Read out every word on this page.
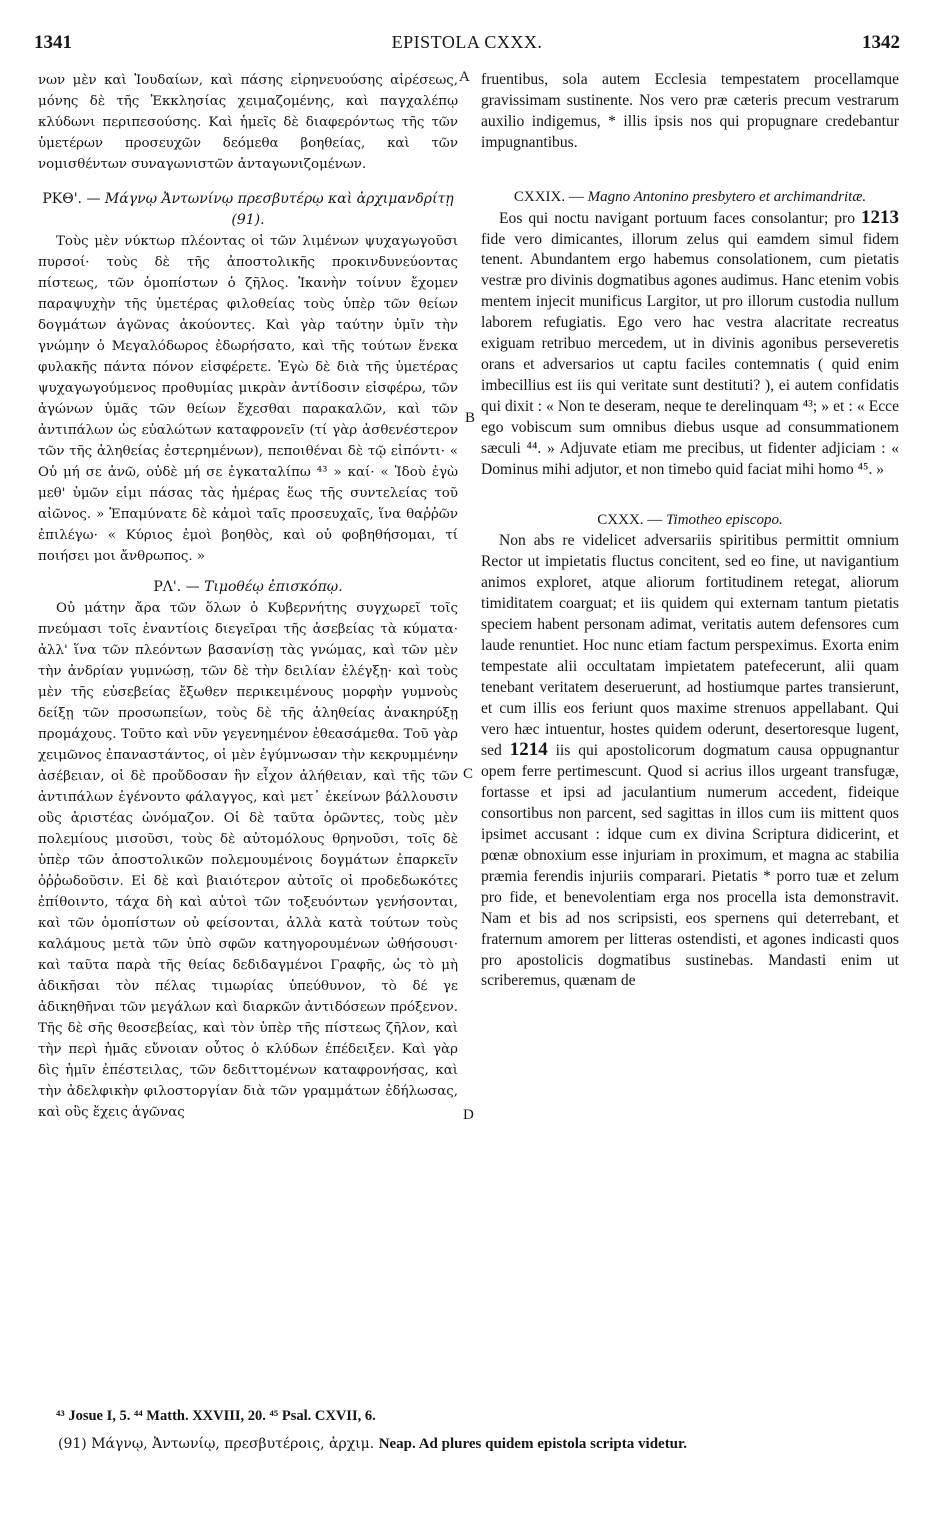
1341	EPISTOLA CXXX.	1342
A
B
C
D

νων μὲν καὶ Ἰουδαίων, καὶ πάσης εἰρηνευούσης αἱρέσεως, μόνης δὲ τῆς Ἐκκλησίας χειμαζομένης, καὶ παγχαλέπῳ κλύδωνι περιπεσούσης. Καὶ ἡμεῖς δὲ διαφερόντως τῆς τῶν ὑμετέρων προσευχῶν δεόμεθα βοηθείας, καὶ τῶν νομισθέντων συναγωνιστῶν ἀνταγωνιζομένων.

ΡΚΘ'. — Μάγνῳ Ἀντωνίνῳ πρεσβυτέρῳ καὶ ἀρχιμανδρίτῃ (91).

Τοὺς μὲν νύκτωρ πλέοντας οἱ τῶν λιμένων ψυχαγωγοῦσι πυρσοί· τοὺς δὲ τῆς ἀποστολικῆς προκινδυνεύοντας πίστεως, τῶν ὁμοπίστων ὁ ζῆλος. Ἱκανὴν τοίνυν ἔχομεν παραψυχὴν τῆς ὑμετέρας φιλοθείας τοὺς ὑπὲρ τῶν θείων δογμάτων ἀγῶνας ἀκούοντες. Καὶ γὰρ ταύτην ὑμῖν τὴν γνώμην ὁ Μεγαλόδωρος ἐδωρήσατο, καὶ τῆς τούτων ἕνεκα φυλακῆς πάντα πόνον εἰσφέρετε. Ἐγὼ δὲ διὰ τῆς ὑμετέρας ψυχαγωγούμενος προθυμίας μικρὰν ἀντίδοσιν εἰσφέρω, τῶν ἀγώνων ὑμᾶς τῶν θείων ἔχεσθαι παρακαλῶν, καὶ τῶν ἀντιπάλων ὡς εὐαλώτων καταφρονεῖν (τί γὰρ ἀσθενέστερον τῶν τῆς ἀληθείας ἐστερημένων), πεποιθέναι δὲ τῷ εἰπόντι· « Οὐ μή σε ἀνῶ, οὐδὲ μή σε ἐγκαταλίπω ⁴³ » καί· « Ἰδοὺ ἐγὼ μεθ' ὑμῶν εἰμι πάσας τὰς ἡμέρας ἕως τῆς συντελείας τοῦ αἰῶνος. » Ἐπαμύνατε δὲ κἀμοὶ ταῖς προσευχαῖς, ἵνα θαῤῥῶν ἐπιλέγω· « Κύριος ἐμοὶ βοηθὸς, καὶ οὐ φοβηθήσομαι, τί ποιήσει μοι ἄνθρωπος. »

ΡΛ'. — Τιμοθέῳ ἐπισκόπῳ.

Οὐ μάτην ἄρα τῶν ὅλων ὁ Κυβερνήτης συγχωρεῖ τοῖς πνεύμασι τοῖς ἐναντίοις διεγεῖραι τῆς ἀσεβείας τὰ κύματα· ἀλλ' ἵνα τῶν πλεόντων βασανίσῃ τὰς γνώμας, καὶ τῶν μὲν τὴν ἀνδρίαν γυμνώσῃ, τῶν δὲ τὴν δειλίαν ἐλέγξῃ· καὶ τοὺς μὲν τῆς εὐσεβείας ἔξωθεν περικειμένους μορφὴν γυμνοὺς δείξῃ τῶν προσωπείων, τοὺς δὲ τῆς ἀληθείας ἀνακηρύξῃ προμάχους. Τοῦτο καὶ νῦν γεγενημένον ἐθεασάμεθα. Τοῦ γὰρ χειμῶνος ἐπαναστάντος, οἱ μὲν ἐγύμνωσαν τὴν κεκρυμμένην ἀσέβειαν, οἱ δὲ προὔδοσαν ἣν εἶχον ἀλήθειαν, καὶ τῆς τῶν ἀντιπάλων ἐγένοντο φάλαγγος, καὶ μετ᾽ ἐκείνων βάλλουσιν οὓς ἀριστέας ὠνόμαζον. Οἱ δὲ ταῦτα ὁρῶντες, τοὺς μὲν πολεμίους μισοῦσι, τοὺς δὲ αὐτομόλους θρηνοῦσι, τοῖς δὲ ὑπὲρ τῶν ἀποστολικῶν πολεμουμένοις δογμάτων ἐπαρκεῖν ὀῤῥωδοῦσιν. Εἰ δὲ καὶ βιαιότερον αὐτοῖς οἱ προδεδωκότες ἐπίθοιντο, τάχα δὴ καὶ αὐτοὶ τῶν τοξευόντων γενήσονται, καὶ τῶν ὁμοπίστων οὐ φείσονται, ἀλλὰ κατὰ τούτων τοὺς καλάμους μετὰ τῶν ὑπὸ σφῶν κατηγορουμένων ὠθήσουσι· καὶ ταῦτα παρὰ τῆς θείας δεδιδαγμένοι Γραφῆς, ὡς τὸ μὴ ἀδικῆσαι τὸν πέλας τιμωρίας ὑπεύθυνον, τὸ δέ γε ἀδικηθῆναι τῶν μεγάλων καὶ διαρκῶν ἀντιδόσεων πρόξενον. Τῆς δὲ σῆς θεοσεβείας, καὶ τὸν ὑπὲρ τῆς πίστεως ζῆλον, καὶ τὴν περὶ ἡμᾶς εὔνοιαν οὗτος ὁ κλύδων ἐπέδειξεν. Καὶ γὰρ δὶς ἡμῖν ἐπέστειλας, τῶν δεδιττομένων καταφρονήσας, καὶ τὴν ἀδελφικὴν φιλοστοργίαν διὰ τῶν γραμμάτων ἐδήλωσας, καὶ οὓς ἔχεις ἀγῶνας

fruentibus, sola autem Ecclesia tempestatem procellamque gravissimam sustinente. Nos vero præ cæteris precum vestrarum auxilio indigemus, * illis ipsis nos qui propugnare credebantur impugnantibus.

CXXIX. — Magno Antonino presbytero et archimandritæ.

Eos qui noctu navigant portuum faces consolantur; pro 1213 fide vero dimicantes, illorum zelus qui eamdem simul fidem tenent. Abundantem ergo habemus consolationem, cum pietatis vestræ pro divinis dogmatibus agones audimus. Hanc etenim vobis mentem injecit munificus Largitor, ut pro illorum custodia nullum laborem refugiatis. Ego vero hac vestra alacritate recreatus exiguam retribuo mercedem, ut in divinis agonibus perseveretis orans et adversarios ut captu faciles contemnatis ( quid enim imbecillius est iis qui veritate sunt destituti? ), ei autem confidatis qui dixit : « Non te deseram, neque te derelinquam ⁴³; » et : « Ecce ego vobiscum sum omnibus diebus usque ad consummationem sæculi ⁴⁴. » Adjuvate etiam me precibus, ut fidenter adjiciam : « Dominus mihi adjutor, et non timebo quid faciat mihi homo ⁴⁵. »

CXXX. — Timotheo episcopo.

Non abs re videlicet adversariis spiritibus permittit omnium Rector ut impietatis fluctus concitent, sed eo fine, ut navigantium animos exploret, atque aliorum fortitudinem retegat, aliorum timiditatem coarguat; et iis quidem qui externam tantum pietatis speciem habent personam adimat, veritatis autem defensores cum laude renuntiet. Hoc nunc etiam factum perspeximus. Exorta enim tempestate alii occultatam impietatem patefecerunt, alii quam tenebant veritatem deseruerunt, ad hostiumque partes transierunt, et cum illis eos feriunt quos maxime strenuos appellabant. Qui vero hæc intuentur, hostes quidem oderunt, desertoresque lugent, sed 1214 iis qui apostolicorum dogmatum causa oppugnantur opem ferre pertimescunt. Quod si acrius illos urgeant transfugæ, fortasse et ipsi ad jaculantium numerum accedent, fideique consortibus non parcent, sed sagittas in illos cum iis mittent quos ipsimet accusant : idque cum ex divina Scriptura didicerint, et pœnæ obnoxium esse injuriam in proximum, et magna ac stabilia præmia ferendis injuriis comparari. Pietatis * porro tuæ et zelum pro fide, et benevolentiam erga nos procella ista demonstravit. Nam et bis ad nos scripsisti, eos spernens qui deterrebant, et fraternum amorem per litteras ostendisti, et agones indicasti quos pro apostolicis dogmatibus sustinebas. Mandasti enim ut scriberemus, quænam de

⁴³ Josue I, 5. ⁴⁴ Matth. XXVIII, 20. ⁴⁵ Psal. CXVII, 6.
(91) Μάγνῳ, Ἀντωνίῳ, πρεσβυτέροις, ἀρχιμ. Neap. Ad plures quidem epistola scripta videtur.
